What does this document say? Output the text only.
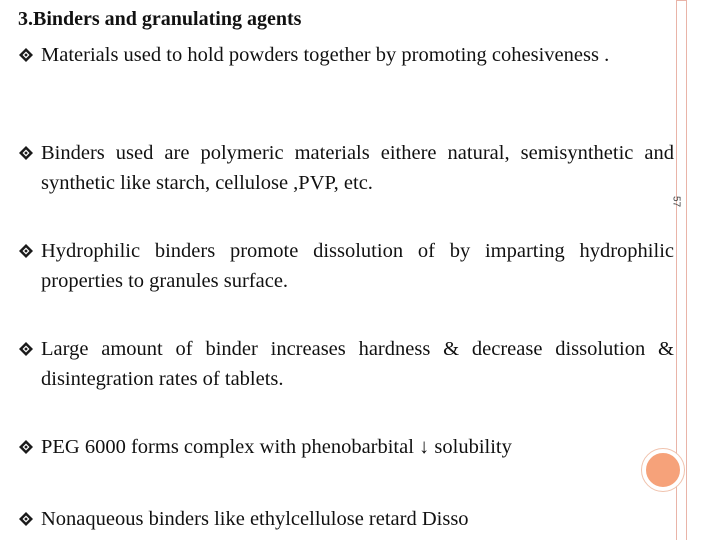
57
3.Binders and granulating agents
Materials used to hold powders together by promoting cohesiveness .
Binders used are polymeric materials eithere natural, semisynthetic and synthetic like starch, cellulose ,PVP, etc.
Hydrophilic binders promote dissolution of by imparting hydrophilic properties to granules surface.
Large amount of binder increases hardness & decrease dissolution & disintegration rates of tablets.
PEG 6000 forms complex with phenobarbital ↓ solubility
Nonaqueous binders like ethylcellulose retard Disso
